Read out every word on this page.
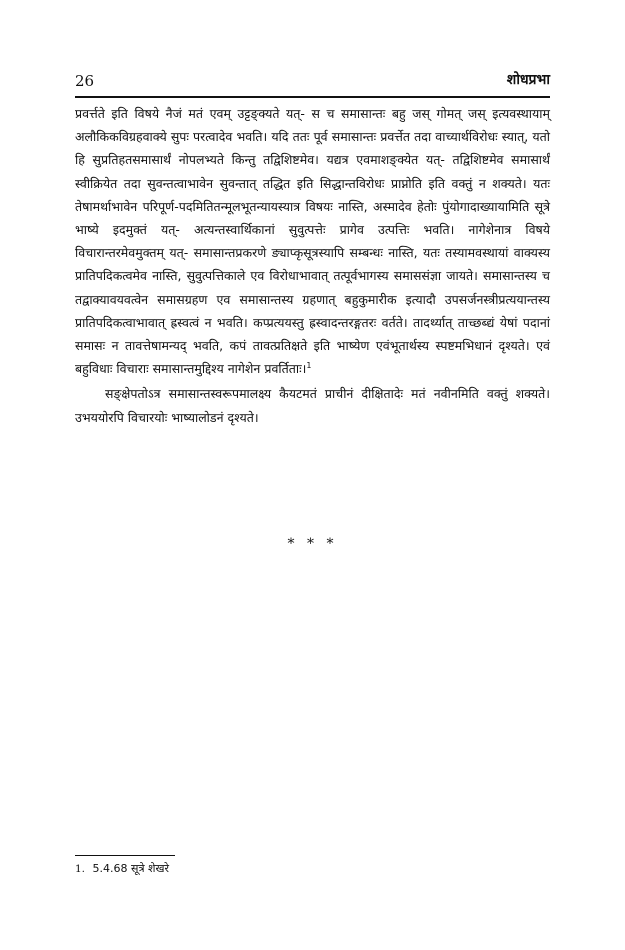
26	शोधप्रभा

प्रवर्त्तते इति विषये नैजं मतं एवम् उट्टङ्क्यते यत्- स च समासान्तः बहु जस् गोमत् जस् इत्यवस्थायाम् अलौकिकविग्रहवाक्ये सुपः परत्वादेव भवति। यदि ततः पूर्व समासान्तः प्रवर्त्तेत तदा वाच्यार्थविरोधः स्यात्, यतो हि सुप्रतिहतसमासार्थं नोपलभ्यते किन्तु तद्विशिष्टमेव। यद्यत्र एवमाशङ्क्येत यत्- तद्विशिष्टमेव समासार्थं स्वीक्रियेत तदा सुवन्तत्वाभावेन सुवन्तात् तद्धित इति सिद्धान्तविरोधः प्राप्नोति इति वक्तुं न शक्यते। यतः तेषामर्थाभावेन परिपूर्ण-पदमितितन्मूलभूतन्यायस्यात्र विषयः नास्ति, अस्मादेव हेतोः पुंयोगादाख्यायामिति सूत्रे भाष्ये इदमुक्तं यत्- अत्यन्तस्वार्थिकानां सुवुत्पत्तेः प्रागेव उत्पत्तिः भवति। नागेशेनात्र विषये विचारान्तरमेवमुक्तम् यत्- समासान्तप्रकरणे ङ्याप्कृसूत्रस्यापि सम्बन्धः नास्ति, यतः तस्यामवस्थायां वाक्यस्य प्रातिपदिकत्वमेव नास्ति, सुवुत्पत्तिकाले एव विरोधाभावात् तत्पूर्वभागस्य समाससंज्ञा जायते। समासान्तस्य च तद्वाक्यावयवत्वेन समासग्रहण एव समासान्तस्य ग्रहणात् बहुकुमारीक इत्यादौ उपसर्जनस्त्रीप्रत्ययान्तस्य प्रातिपदिकत्वाभावात् ह्रस्वत्वं न भवति। कप्प्रत्ययस्तु ह्रस्वादन्तरङ्गतरः वर्तते। तादर्थ्यात् ताच्छब्द्यं येषां पदानां समासः न तावत्तेषामन्यद् भवति, कपं तावत्प्रतिक्षते इति भाष्येण एवंभूतार्थस्य स्पष्टमभिधानं दृश्यते। एवं बहुविधाः विचाराः समासान्तमुद्दिश्य नागेशेन प्रवर्तिताः।$^1$

सङ्क्षेपतोऽत्र समासान्तस्वरूपमालक्ष्य कैयटमतं प्राचीनं दीक्षितादेः मतं नवीनमिति वक्तुं शक्यते। उभययोरपि विचारयोः भाष्यालोडनं दृश्यते।

* * *
1. 5.4.68 सूत्रे शेखरे
